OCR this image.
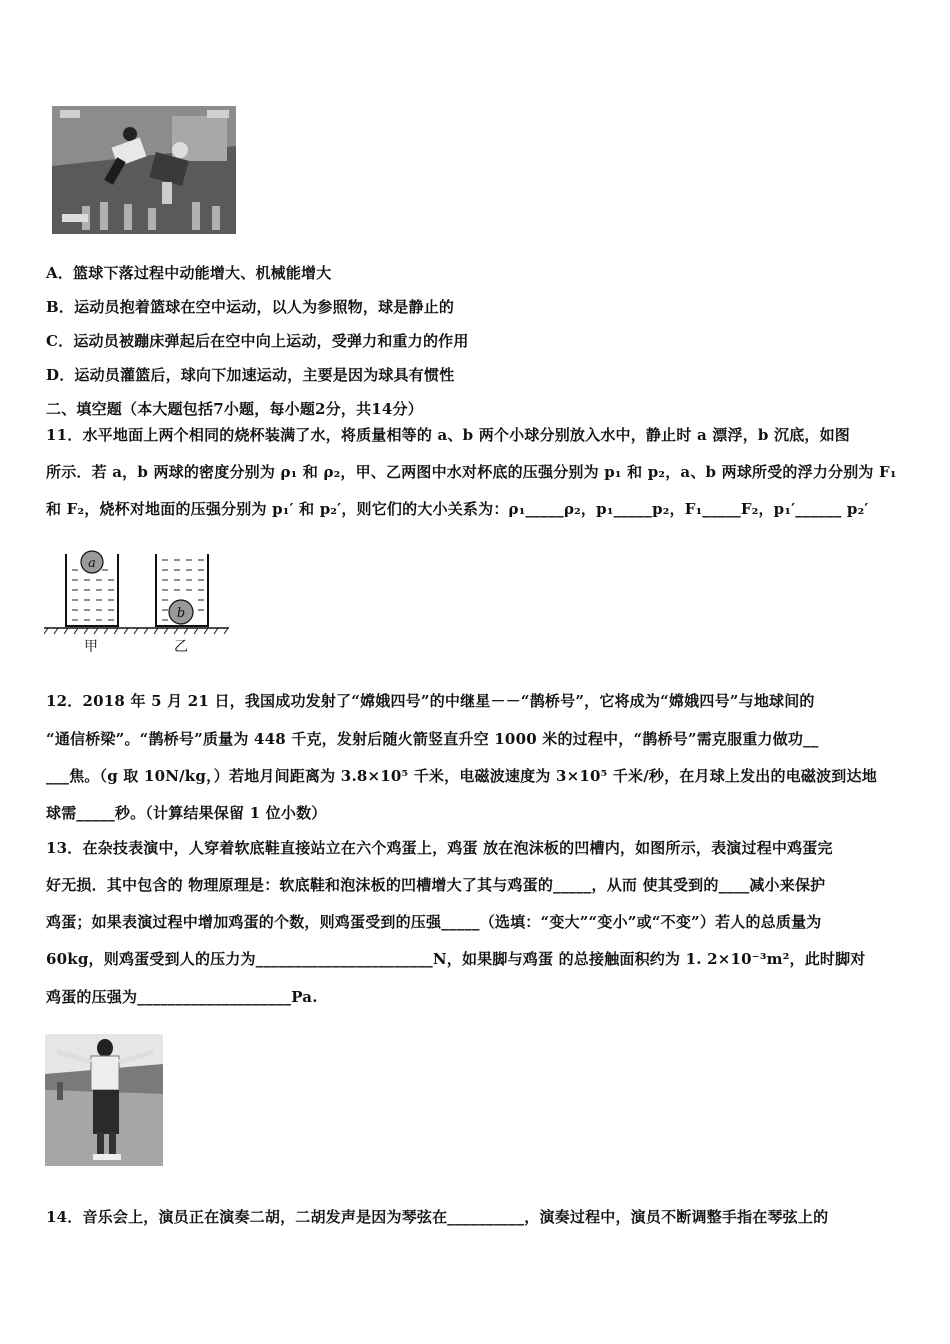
A．篮球下落过程中动能增大、机械能增大
B．运动员抱着篮球在空中运动，以人为参照物，球是静止的
C．运动员被蹦床弹起后在空中向上运动，受弹力和重力的作用
D．运动员灌篮后，球向下加速运动，主要是因为球具有惯性
二、填空题（本大题包括7小题，每小题2分，共14分）
11．水平地面上两个相同的烧杯装满了水，将质量相等的 a、b 两个小球分别放入水中，静止时 a 漂浮，b 沉底，如图
所示．若 a，b 两球的密度分别为 ρ₁ 和 ρ₂，甲、乙两图中水对杯底的压强分别为 p₁ 和 p₂，a、b 两球所受的浮力分别为 F₁
和 F₂，烧杯对地面的压强分别为 p₁′ 和 p₂′，则它们的大小关系为：ρ₁_____ρ₂，p₁_____p₂，F₁_____F₂，p₁′______ p₂′
a
b
甲	乙
12．2018 年 5 月 21 日，我国成功发射了“嫦娥四号”的中继星－－“鹊桥号”，它将成为“嫦娥四号”与地球间的
“通信桥梁”。“鹊桥号”质量为 448 千克，发射后随火箭竖直升空 1000 米的过程中，“鹊桥号”需克服重力做功__
___焦。（g 取 10N/kg，）若地月间距离为 3.8×10⁵ 千米，电磁波速度为 3×10⁵ 千米/秒，在月球上发出的电磁波到达地
球需_____秒。（计算结果保留 1 位小数）
13．在杂技表演中，人穿着软底鞋直接站立在六个鸡蛋上，鸡蛋 放在泡沫板的凹槽内，如图所示，表演过程中鸡蛋完
好无损．其中包含的 物理原理是：软底鞋和泡沫板的凹槽增大了其与鸡蛋的_____，从而 使其受到的____减小来保护
鸡蛋；如果表演过程中增加鸡蛋的个数，则鸡蛋受到的压强_____（选填：“变大”“变小”或“不变”）若人的总质量为
60kg，则鸡蛋受到人的压力为_______________________N，如果脚与鸡蛋 的总接触面积约为 1. 2×10⁻³m²，此时脚对
鸡蛋的压强为____________________Pa.
14．音乐会上，演员正在演奏二胡，二胡发声是因为琴弦在__________，演奏过程中，演员不断调整手指在琴弦上的
